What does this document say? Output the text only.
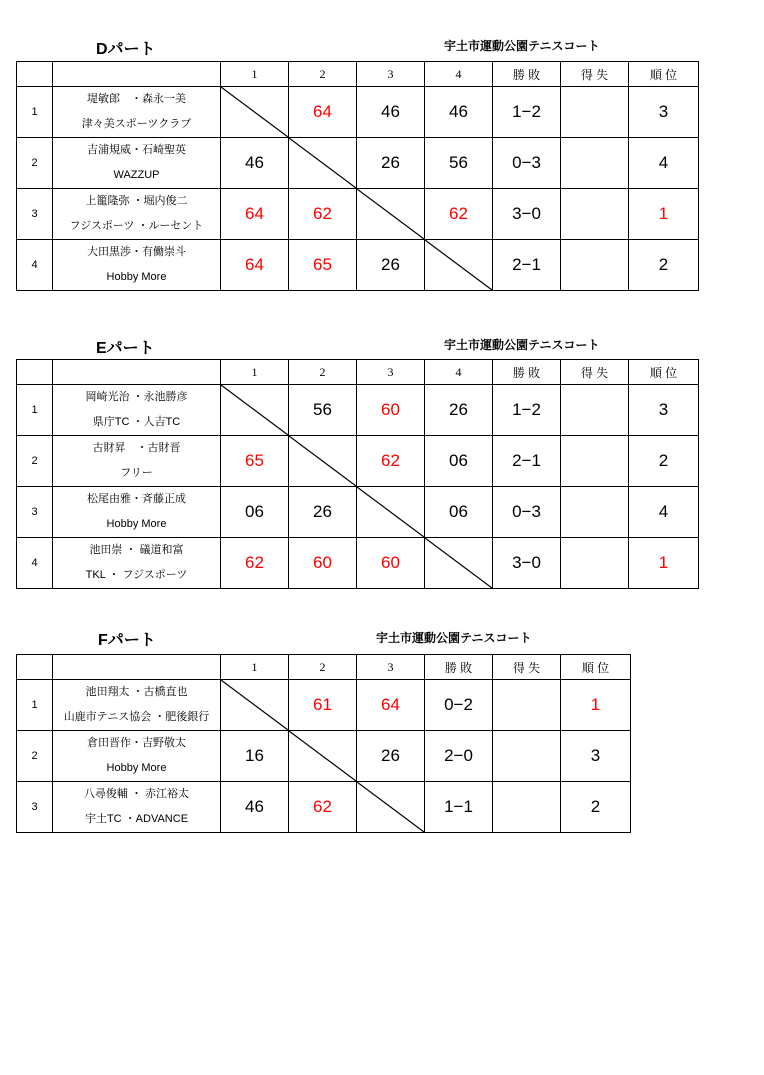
Dパート	宇土市運動公園テニスコート
		1	2	3	4	勝 敗	得 失	順 位
1	堤敏郎　・森永一美
津々美スポーツクラブ		64	46	46	1−2		3
2	吉浦規威・石崎聖英
WAZZUP	46		26	56	0−3		4
3	上籠隆弥 ・堀内俊二
フジスポーツ ・ルーセント	64	62		62	3−0		1
4	大田黒渉・有働崇斗
Hobby More	64	65	26		2−1		2
Eパート	宇土市運動公園テニスコート
		1	2	3	4	勝 敗	得 失	順 位
1	岡崎光治 ・永池勝彦
県庁TC ・人吉TC		56	60	26	1−2		3
2	古財昇　・古財晋
フリー	65		62	06	2−1		2
3	松尾由雅・斉藤正成
Hobby More	06	26		06	0−3		4
4	池田崇 ・ 礒道和富
TKL ・ フジスポーツ	62	60	60		3−0		1
Fパート	宇土市運動公園テニスコート
		1	2	3	勝 敗	得 失	順 位
1	池田翔太 ・古橋直也
山鹿市テニス協会 ・肥後銀行		61	64	0−2		1
2	倉田晋作・吉野敬太
Hobby More	16		26	2−0		3
3	八尋俊輔 ・ 赤江裕太
宇土TC ・ADVANCE	46	62		1−1		2
